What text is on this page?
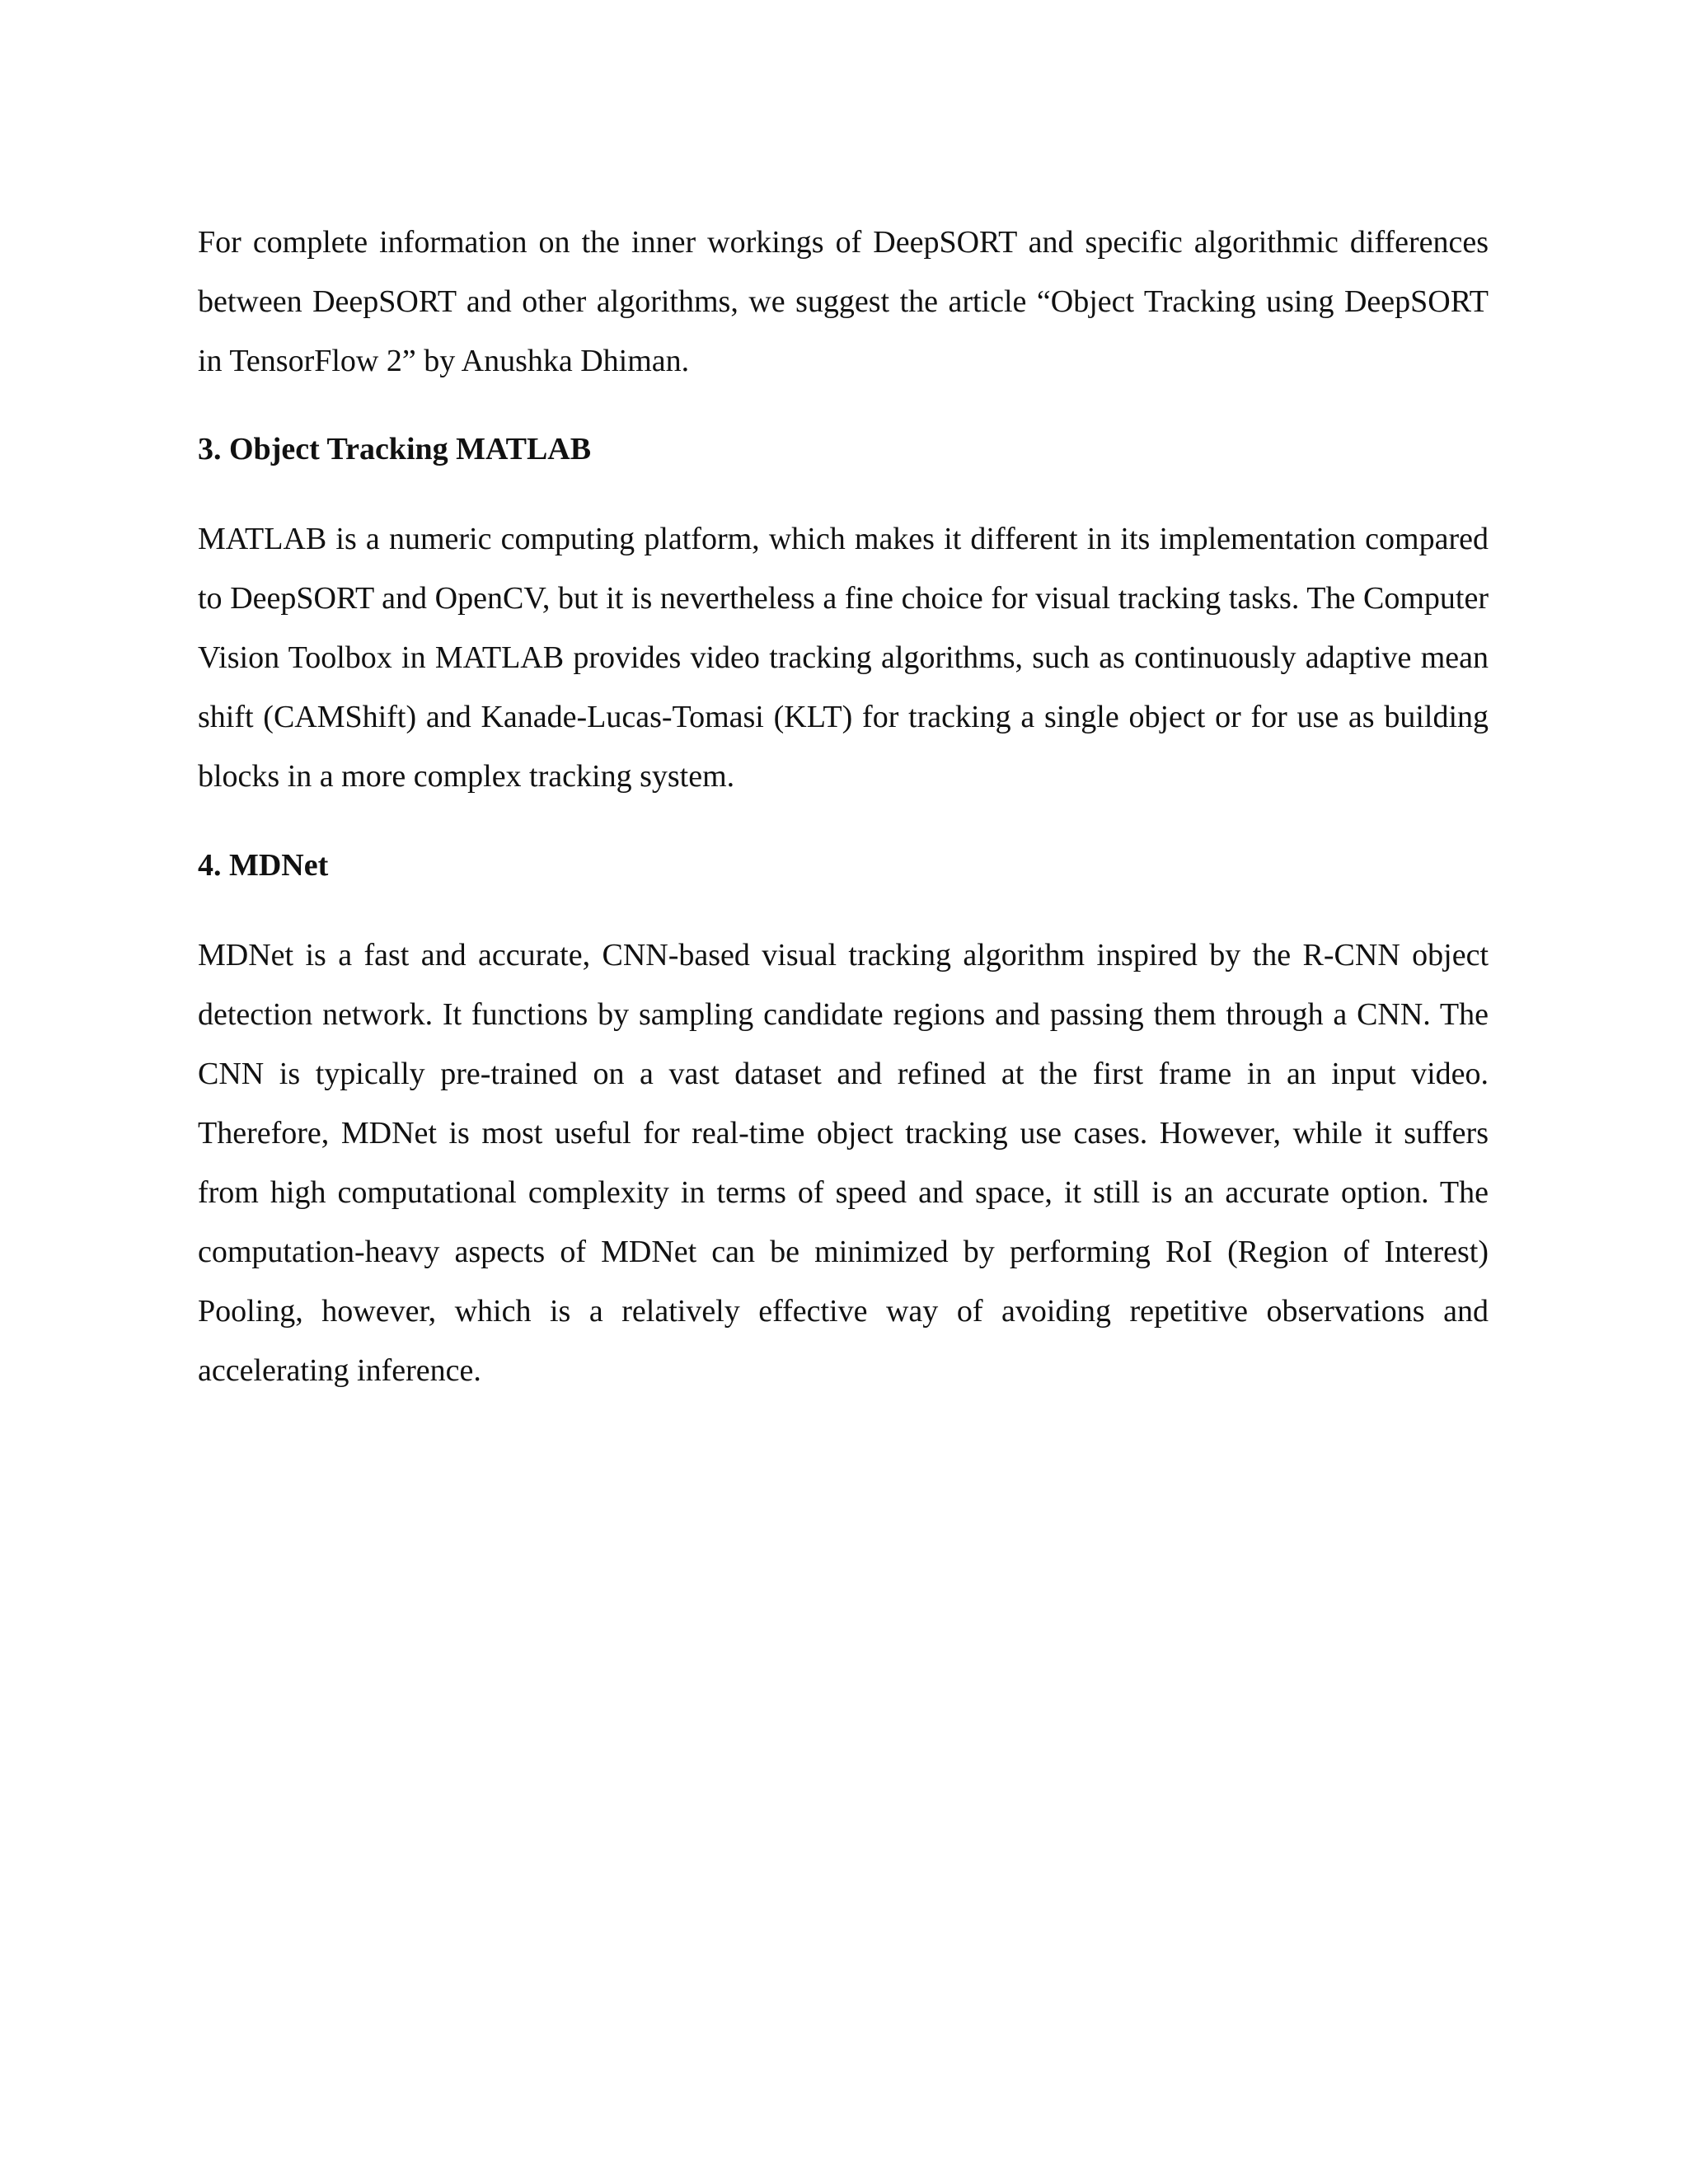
For complete information on the inner workings of DeepSORT and specific algorithmic differences between DeepSORT and other algorithms, we suggest the article “Object Tracking using DeepSORT in TensorFlow 2” by Anushka Dhiman.

3. Object Tracking MATLAB

MATLAB is a numeric computing platform, which makes it different in its implementation compared to DeepSORT and OpenCV, but it is nevertheless a fine choice for visual tracking tasks. The Computer Vision Toolbox in MATLAB provides video tracking algorithms, such as continuously adaptive mean shift (CAMShift) and Kanade-Lucas-Tomasi (KLT) for tracking a single object or for use as building blocks in a more complex tracking system.

4. MDNet

MDNet is a fast and accurate, CNN-based visual tracking algorithm inspired by the R-CNN object detection network. It functions by sampling candidate regions and passing them through a CNN. The CNN is typically pre-trained on a vast dataset and refined at the first frame in an input video. Therefore, MDNet is most useful for real-time object tracking use cases. However, while it suffers from high computational complexity in terms of speed and space, it still is an accurate option. The computation-heavy aspects of MDNet can be minimized by performing RoI (Region of Interest) Pooling, however, which is a relatively effective way of avoiding repetitive observations and accelerating inference.
